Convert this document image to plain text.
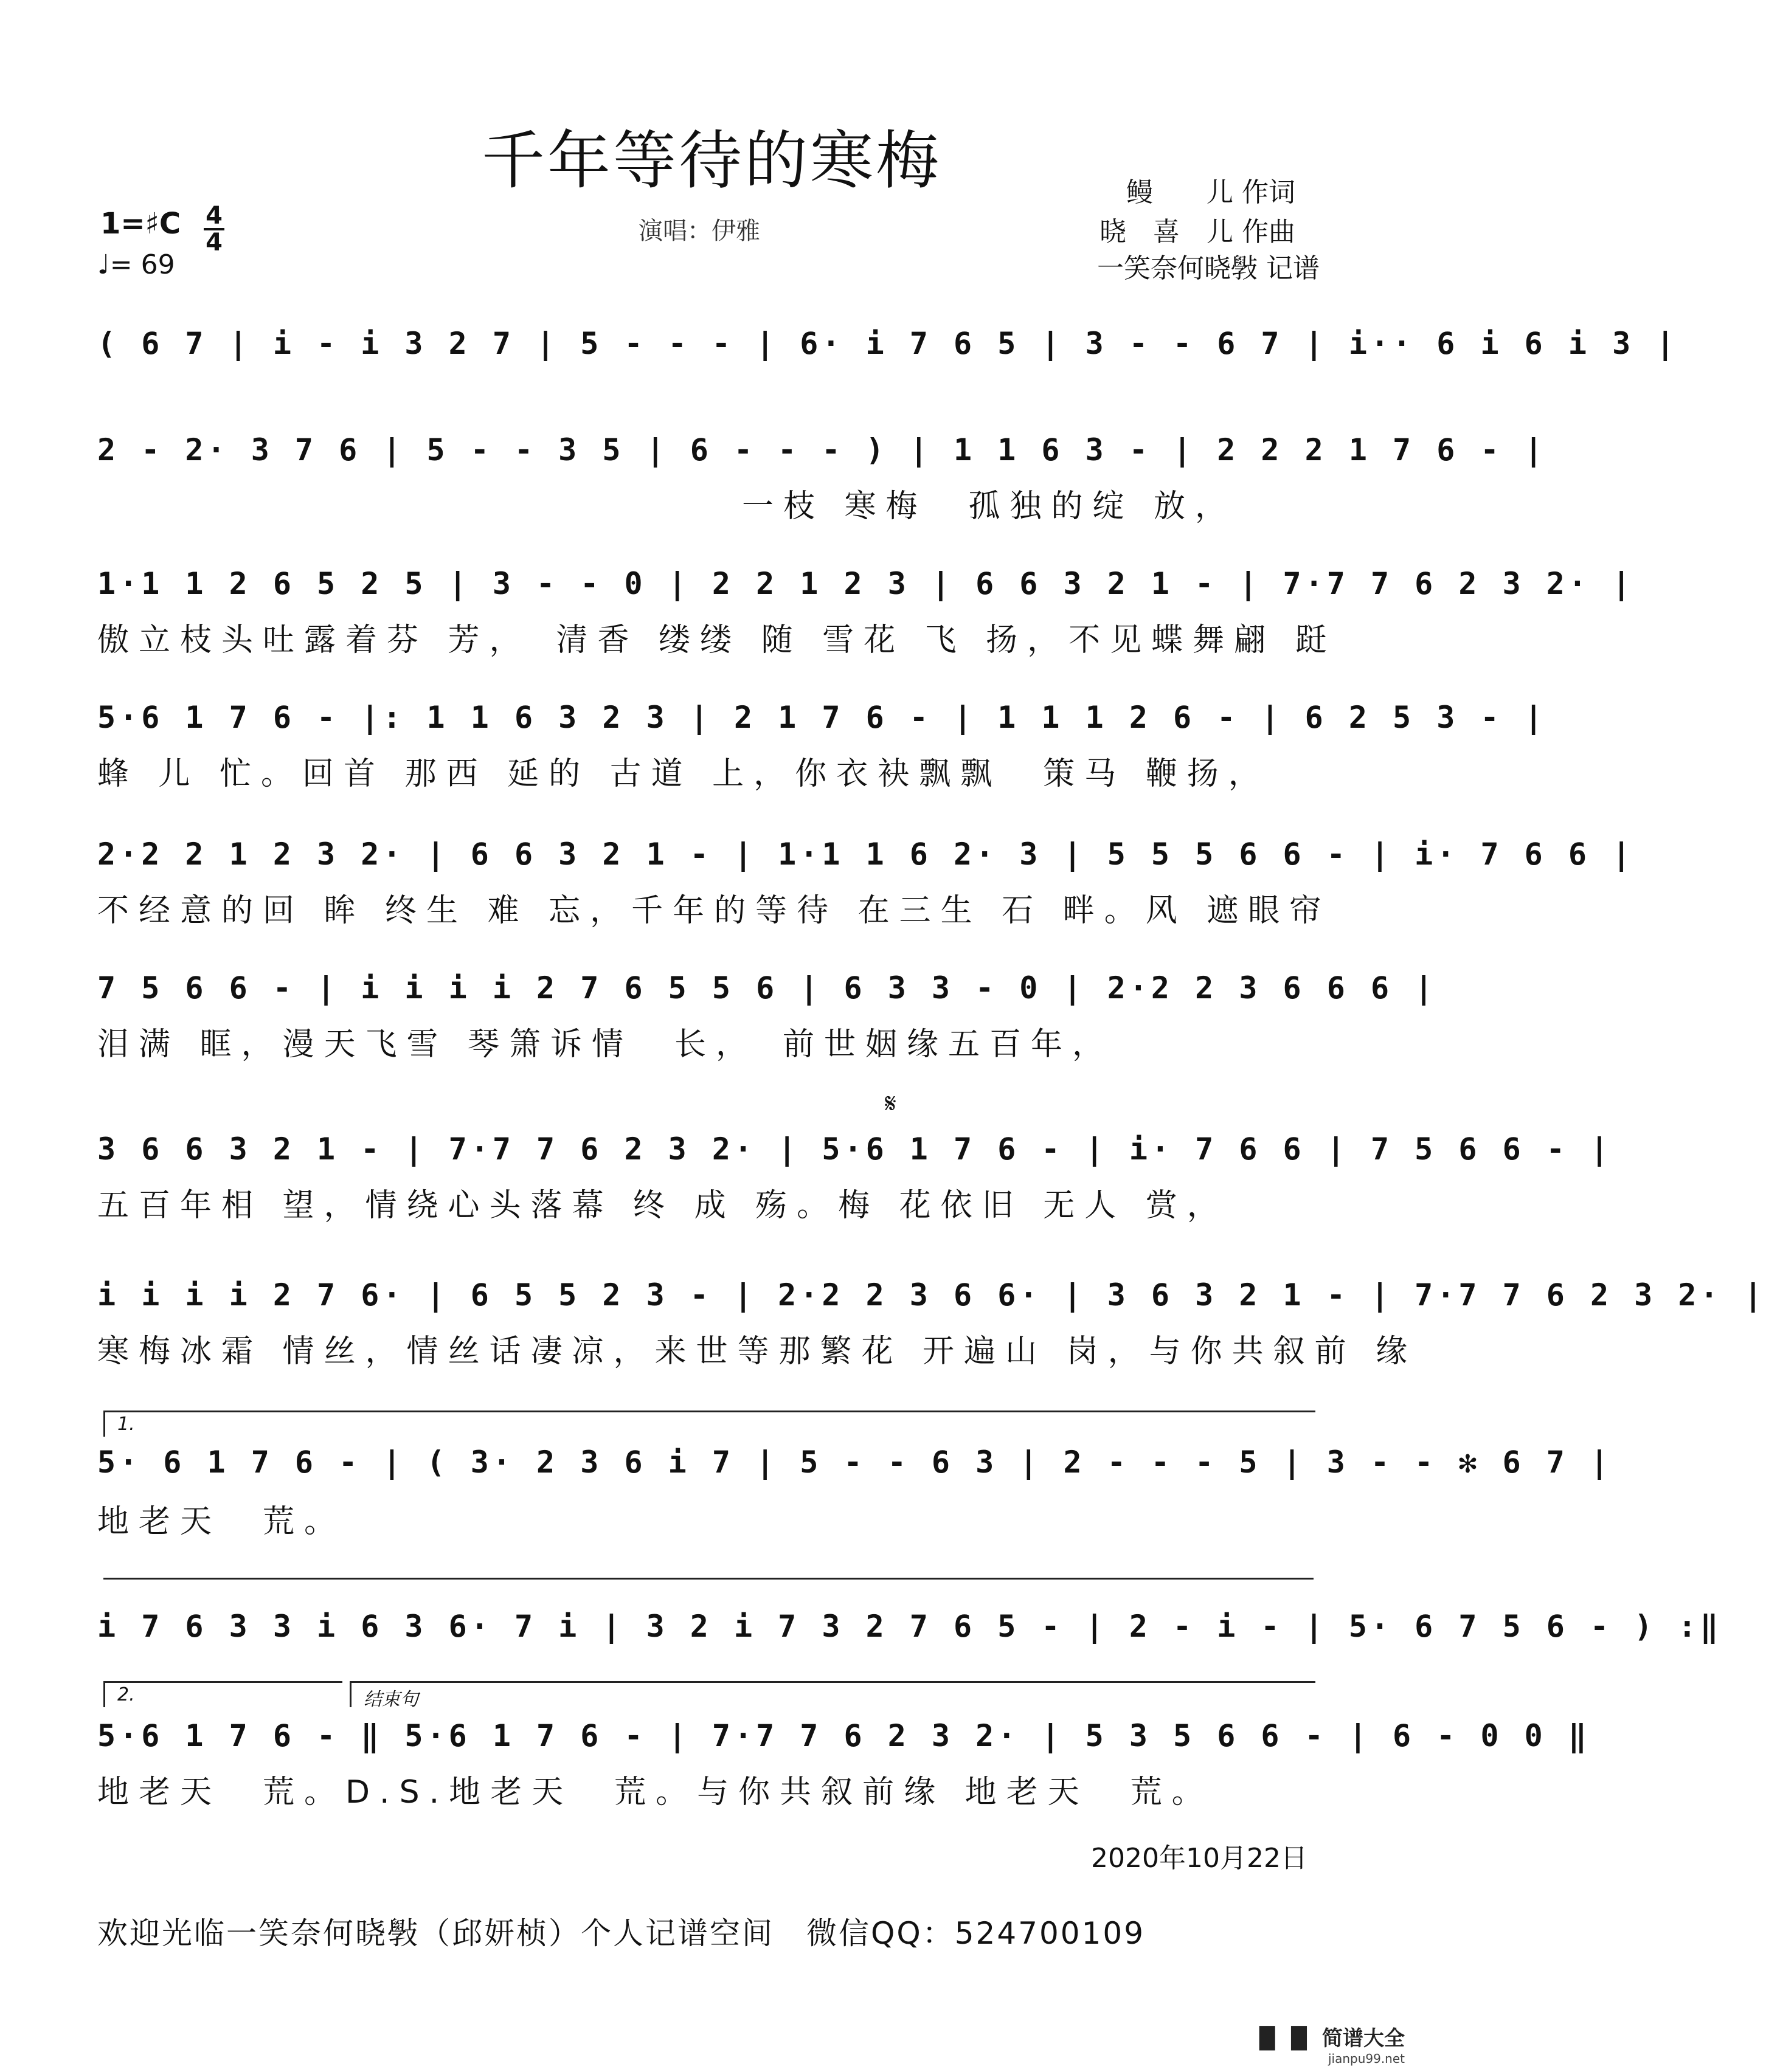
千年等待的寒梅	鳗　　儿 作词
晓　喜　儿 作曲
一笑奈何晓斅 记谱
1=♯C 4
4
♩= 69
演唱：伊雅
( 6 7 | i - i 3 2 7 | 5 - - - | 6· i 7 6 5 | 3 - - 6 7 | i·· 6 i 6 i 3 |
2 - 2· 3 7 6 | 5 - - 3 5 | 6 - - - ) | 1 1 6 3 - | 2 2 2 1 7 6 - |
一枝 寒梅　孤独的绽 放，
1·1 1 2 6 5 2 5 | 3 - - 0 | 2 2 1 2 3 | 6 6 3 2 1 - | 7·7 7 6 2 3 2· |
傲立枝头吐露着芬 芳，　清香 缕缕 随 雪花 飞 扬，不见蝶舞翩 跹
5·6 1 7 6 - |: 1 1 6 3 2 3 | 2 1 7 6 - | 1 1 1 2 6 - | 6 2 5 3 - |
蜂 儿 忙。回首 那西 延的 古道 上，你衣袂飘飘　策马 鞭扬，
2·2 2 1 2 3 2· | 6 6 3 2 1 - | 1·1 1 6 2· 3 | 5 5 5 6 6 - | i· 7 6 6 |
不经意的回 眸 终生 难 忘，千年的等待 在三生 石 畔。风 遮眼帘
7 5 6 6 - | i i i i 2 7 6 5 5 6 | 6 3 3 - 0 | 2·2 2 3 6 6 6 |
泪满 眶，漫天飞雪 琴箫诉情　长，　前世姻缘五百年，
𝄋
3 6 6 3 2 1 - | 7·7 7 6 2 3 2· | 5·6 1 7 6 - | i· 7 6 6 | 7 5 6 6 - |
五百年相 望，情绕心头落幕 终 成 殇。梅 花依旧 无人 赏，
i i i i 2 7 6· | 6 5 5 2 3 - | 2·2 2 3 6 6· | 3 6 3 2 1 - | 7·7 7 6 2 3 2· |
寒梅冰霜 情丝，情丝话凄凉，来世等那繁花 开遍山 岗，与你共叙前 缘
1.
5· 6 1 7 6 - | ( 3· 2 3 6 i 7 | 5 - - 6 3 | 2 - - - 5 | 3 - - ✻ 6 7 |
地老天　荒。
i 7 6 3 3 i 6 3 6· 7 i | 3 2 i 7 3 2 7 6 5 - | 2 - i - | 5· 6 7 5 6 - ) :‖
2.	结束句
5·6 1 7 6 - ‖ 5·6 1 7 6 - | 7·7 7 6 2 3 2· | 5 3 5 6 6 - | 6 - 0 0 ‖
地老天　荒。D.S.地老天　荒。与你共叙前缘 地老天　荒。
2020年10月22日
欢迎光临一笑奈何晓斅（邱妍桢）个人记谱空间　微信QQ：524700109
▐▌▐▌ 简谱大全
jianpu99.net
